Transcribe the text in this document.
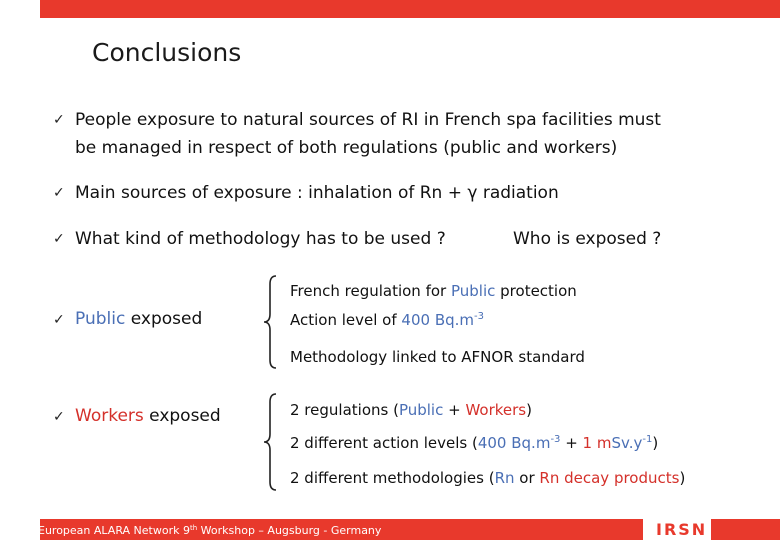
Conclusions
✓ People exposure to natural sources of RI in French spa facilities must
be managed in respect of both regulations (public and workers)
✓ Main sources of exposure : inhalation of Rn + γ radiation
✓ What kind of methodology has to be used ?	Who is exposed ?
✓ Public exposed
French regulation for Public protection
Action level of 400 $Bq.m^{-3}$
Methodology linked to AFNOR standard
✓ Workers exposed	2 regulations (Public + Workers)
2 different action levels (400 $Bq.m^{-3} + 1$ $mSv.y^{-1}$)
2 different methodologies (Rn or Rn decay products)
European ALARA Network 9th Workshop – Augsburg - Germany	IRSN
